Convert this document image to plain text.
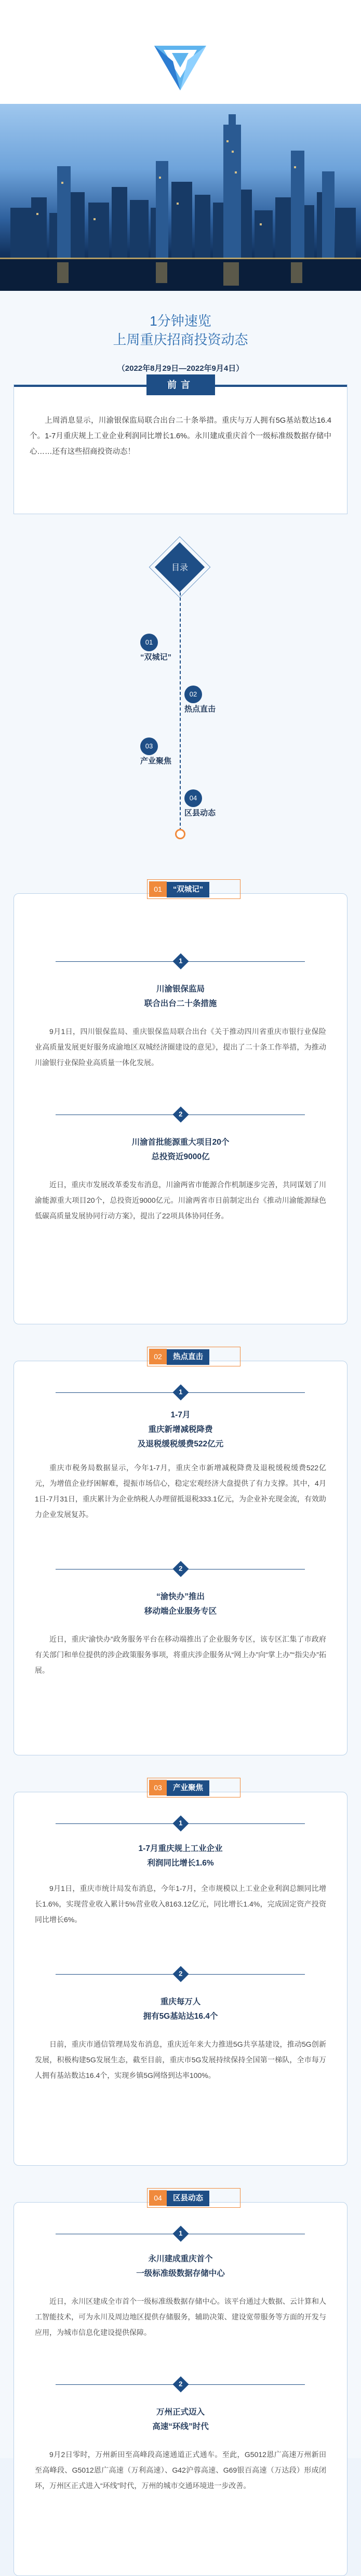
1分钟速览
上周重庆招商投资动态
（2022年8月29日—2022年9月4日）
前言

上周消息显示，川渝银保监局联合出台二十条举措。重庆与万人拥有5G基站数达16.4个。1-7月重庆规上工业企业利润同比增长1.6%。永川建成重庆首个一级标准级数据存储中心……还有这些招商投资动态！

目录
01
“双城记”
02
热点直击
03
产业聚焦
04
区县动态
01 “双城记”
1
川渝银保监局
联合出台二十条措施

9月1日，四川银保监局、重庆银保监局联合出台《关于推动四川省重庆市银行业保险业高质量发展更好服务成渝地区双城经济圈建设的意见》，提出了二十条工作举措，为推动川渝银行业保险业高质量一体化发展。

2
川渝首批能源重大项目20个
总投资近9000亿

近日，重庆市发展改革委发布消息，川渝两省市能源合作机制逐步完善，共同谋划了川渝能源重大项目20个，总投资近9000亿元。川渝两省市日前制定出台《推动川渝能源绿色低碳高质量发展协同行动方案》，提出了22项具体协同任务。

02 热点直击
1
1-7月
重庆新增减税降费
及退税缓税缓费522亿元

重庆市税务局数据显示，今年1-7月，重庆全市新增减税降费及退税缓税缓费522亿元，为增值企业纾困解难，提振市场信心，稳定宏观经济大盘提供了有力支撑。其中，4月1日-7月31日，重庆累计为企业纳税人办理留抵退税333.1亿元，为企业补充现金流，有效助力企业发展复苏。

2
“渝快办”推出
移动端企业服务专区

近日，重庆“渝快办”政务服务平台在移动端推出了企业服务专区，该专区汇集了市政府有关部门和单位提供的涉企政策服务事项，将重庆涉企服务从“网上办”向“掌上办”“指尖办”拓展。

03 产业聚焦
1
1-7月重庆规上工业企业
利润同比增长1.6%

9月1日，重庆市统计局发布消息，今年1-7月，全市规模以上工业企业利润总额同比增长1.6%，实现营业收入累计5%营业收入8163.12亿元，同比增长1.4%，完成固定资产投资同比增长6%。

2
重庆每万人
拥有5G基站达16.4个

日前，重庆市通信管理局发布消息，重庆近年来大力推进5G共享基建设，推动5G创新发展，积极构建5G发展生态，截至目前，重庆市5G发展持续保持全国第一梯队，全市每万人拥有基站数达16.4个，实现乡镇5G网络到达率100%。

04 区县动态
1
永川建成重庆首个
一级标准级数据存储中心

近日，永川区建成全市首个一级标准级数据存储中心。该平台通过大数据、云计算和人工智能技术，可为永川及周边地区提供存储服务，辅助决策、建设宽带服务等方面的开发与应用，为城市信息化建设提供保障。

2
万州正式迈入
高速“环线”时代

9月2日零时，万州新田至高峰段高速通道正式通车。至此，G5012恩广高速万州新田至高峰段、G5012恩广高速（万利高速）、G42沪蓉高速、G69银百高速（万达段）形成闭环，万州区正式进入“环线”时代，万州的城市交通环境进一步改善。
